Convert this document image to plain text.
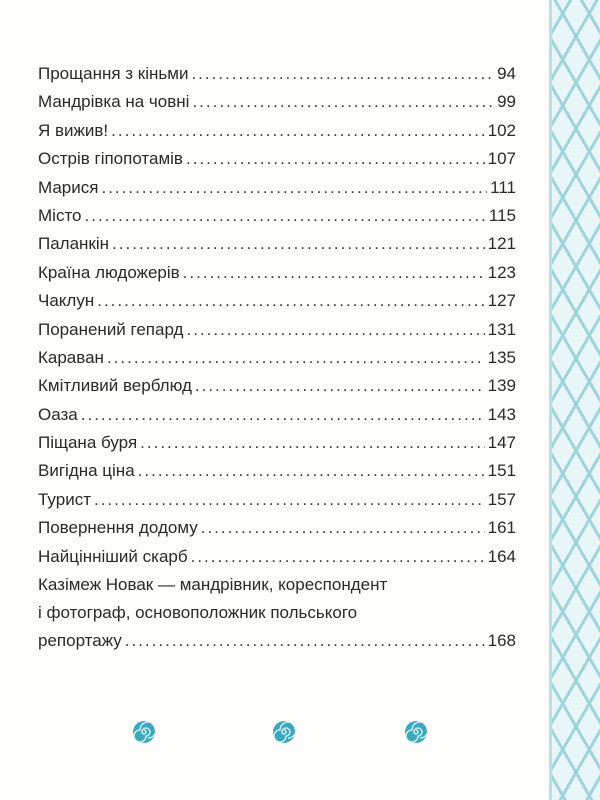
Прощання з кіньми .....	94
Мандрівка на човні .....	99
Я вижив! .....	102
Острів гіпопотамів .....	107
Марися .....	111
Місто .....	115
Паланкін .....	121
Країна людожерів .....	123
Чаклун .....	127
Поранений гепард .....	131
Караван .....	135
Кмітливий верблюд .....	139
Оаза .....	143
Піщана буря .....	147
Вигідна ціна .....	151
Турист .....	157
Повернення додому .....	161
Найцінніший скарб .....	164
Казімеж Новак — мандрівник, кореспондент
і фотограф, основоположник польського
репортажу .....	168
